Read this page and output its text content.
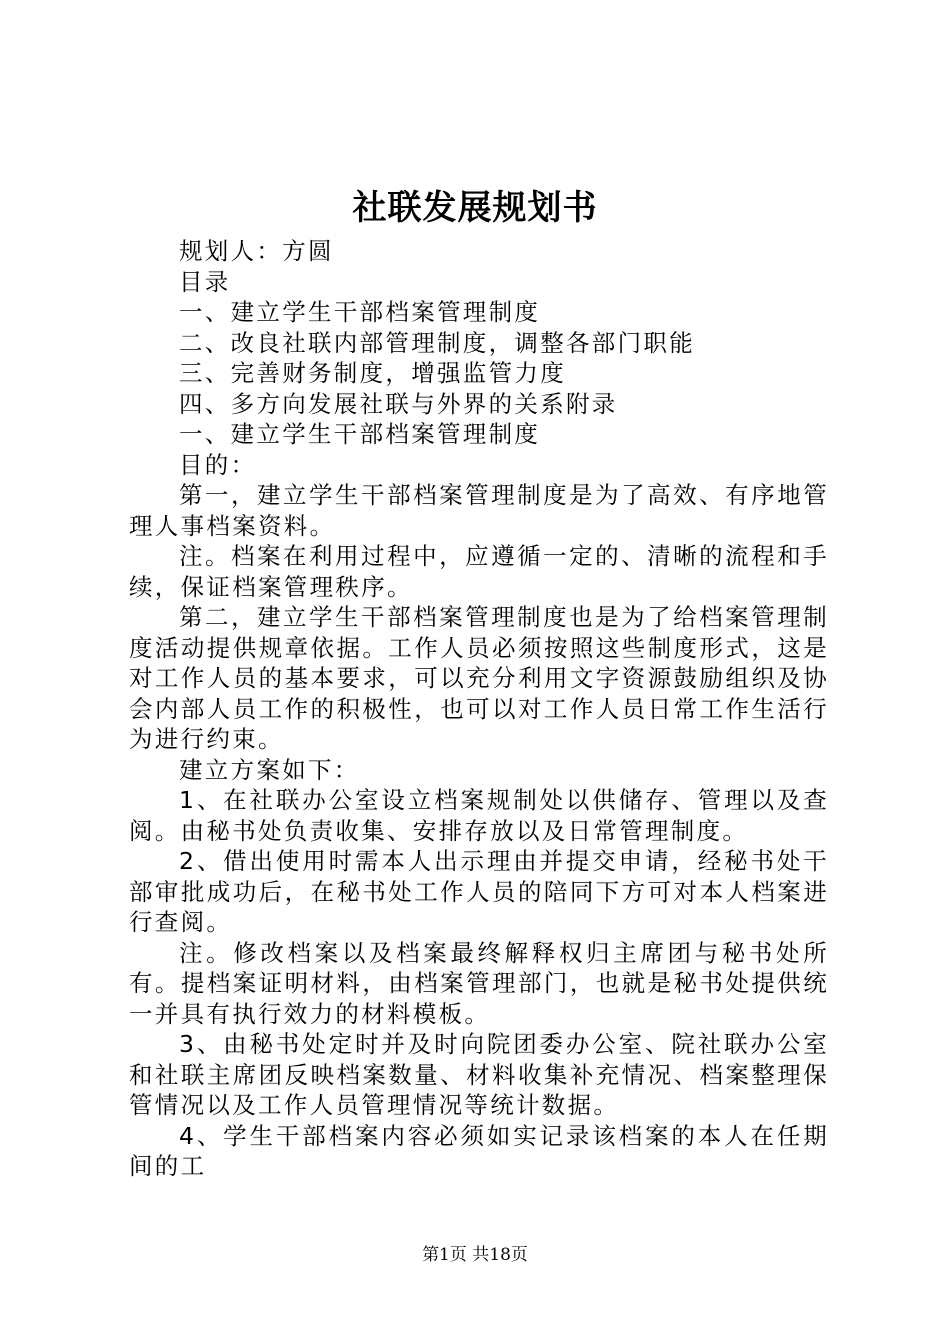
社联发展规划书

规划人：方圆

目录

一、建立学生干部档案管理制度

二、改良社联内部管理制度，调整各部门职能

三、完善财务制度，增强监管力度

四、多方向发展社联与外界的关系附录

一、建立学生干部档案管理制度

目的：

第一，建立学生干部档案管理制度是为了高效、有序地管理人事档案资料。

注。档案在利用过程中，应遵循一定的、清晰的流程和手续，保证档案管理秩序。

第二，建立学生干部档案管理制度也是为了给档案管理制度活动提供规章依据。工作人员必须按照这些制度形式，这是对工作人员的基本要求，可以充分利用文字资源鼓励组织及协会内部人员工作的积极性，也可以对工作人员日常工作生活行为进行约束。

建立方案如下：

1、在社联办公室设立档案规制处以供储存、管理以及查阅。由秘书处负责收集、安排存放以及日常管理制度。

2、借出使用时需本人出示理由并提交申请，经秘书处干部审批成功后，在秘书处工作人员的陪同下方可对本人档案进行查阅。

注。修改档案以及档案最终解释权归主席团与秘书处所有。提档案证明材料，由档案管理部门，也就是秘书处提供统一并具有执行效力的材料模板。

3、由秘书处定时并及时向院团委办公室、院社联办公室和社联主席团反映档案数量、材料收集补充情况、档案整理保管情况以及工作人员管理情况等统计数据。

4、学生干部档案内容必须如实记录该档案的本人在任期间的工

第1页 共18页
